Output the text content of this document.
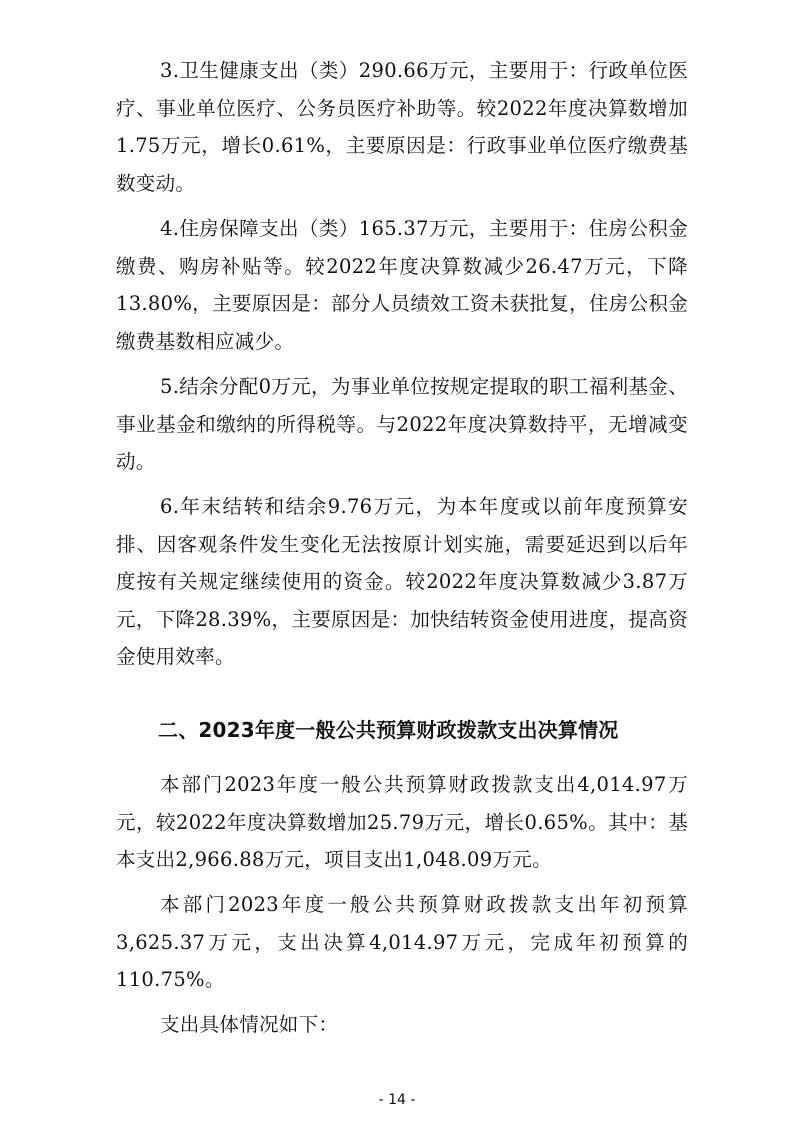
3.卫生健康支出（类）290.66万元，主要用于：行政单位医疗、事业单位医疗、公务员医疗补助等。较2022年度决算数增加1.75万元，增长0.61%，主要原因是：行政事业单位医疗缴费基数变动。

4.住房保障支出（类）165.37万元，主要用于：住房公积金缴费、购房补贴等。较2022年度决算数减少26.47万元，下降13.80%，主要原因是：部分人员绩效工资未获批复，住房公积金缴费基数相应减少。

5.结余分配0万元，为事业单位按规定提取的职工福利基金、事业基金和缴纳的所得税等。与2022年度决算数持平，无增减变动。

6.年末结转和结余9.76万元，为本年度或以前年度预算安排、因客观条件发生变化无法按原计划实施，需要延迟到以后年度按有关规定继续使用的资金。较2022年度决算数减少3.87万元，下降28.39%，主要原因是：加快结转资金使用进度，提高资金使用效率。

二、2023年度一般公共预算财政拨款支出决算情况

本部门2023年度一般公共预算财政拨款支出4,014.97万元，较2022年度决算数增加25.79万元，增长0.65%。其中：基本支出2,966.88万元，项目支出1,048.09万元。

本部门2023年度一般公共预算财政拨款支出年初预算3,625.37万元，支出决算4,014.97万元，完成年初预算的110.75%。

支出具体情况如下：

- 14 -
